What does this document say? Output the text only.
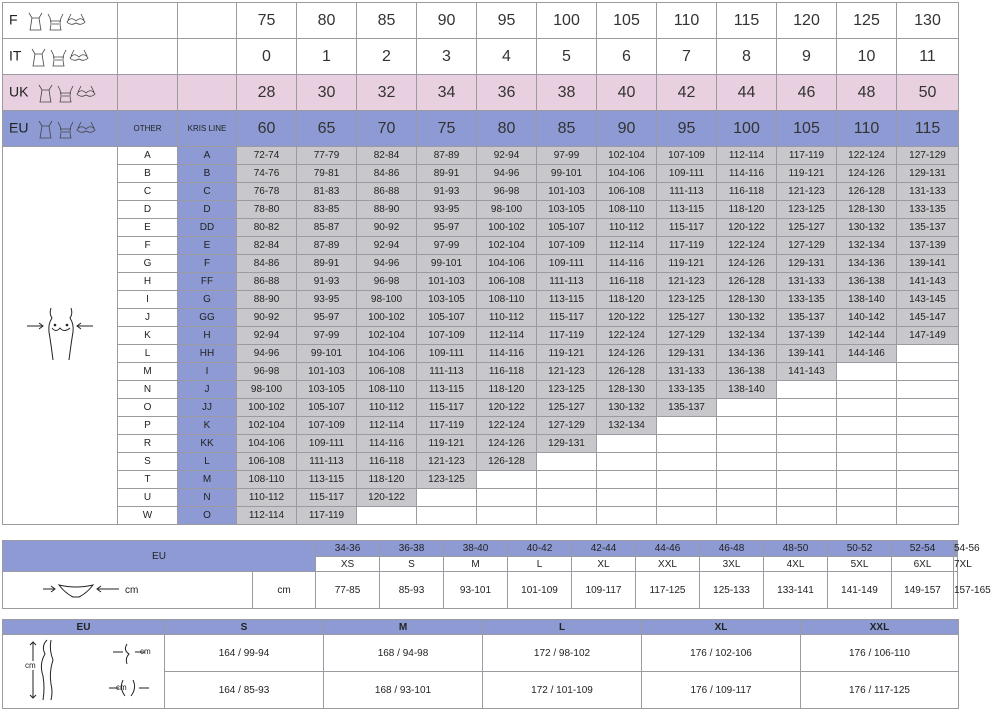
F			75	80	85	90	95	100	105	110	115	120	125	130
IT			0	1	2	3	4	5	6	7	8	9	10	11
UK			28	30	32	34	36	38	40	42	44	46	48	50
EU	OTHER	KRIS LINE	60	65	70	75	80	85	90	95	100	105	110	115
	A	A	72-74	77-79	82-84	87-89	92-94	97-99	102-104	107-109	112-114	117-119	122-124	127-129
	B	B	74-76	79-81	84-86	89-91	94-96	99-101	104-106	109-111	114-116	119-121	124-126	129-131
	C	C	76-78	81-83	86-88	91-93	96-98	101-103	106-108	111-113	116-118	121-123	126-128	131-133
	D	D	78-80	83-85	88-90	93-95	98-100	103-105	108-110	113-115	118-120	123-125	128-130	133-135
	E	DD	80-82	85-87	90-92	95-97	100-102	105-107	110-112	115-117	120-122	125-127	130-132	135-137
	F	E	82-84	87-89	92-94	97-99	102-104	107-109	112-114	117-119	122-124	127-129	132-134	137-139
	G	F	84-86	89-91	94-96	99-101	104-106	109-111	114-116	119-121	124-126	129-131	134-136	139-141
	H	FF	86-88	91-93	96-98	101-103	106-108	111-113	116-118	121-123	126-128	131-133	136-138	141-143
	I	G	88-90	93-95	98-100	103-105	108-110	113-115	118-120	123-125	128-130	133-135	138-140	143-145
	J	GG	90-92	95-97	100-102	105-107	110-112	115-117	120-122	125-127	130-132	135-137	140-142	145-147
	K	H	92-94	97-99	102-104	107-109	112-114	117-119	122-124	127-129	132-134	137-139	142-144	147-149
	L	HH	94-96	99-101	104-106	109-111	114-116	119-121	124-126	129-131	134-136	139-141	144-146	
	M	I	96-98	101-103	106-108	111-113	116-118	121-123	126-128	131-133	136-138	141-143		
	N	J	98-100	103-105	108-110	113-115	118-120	123-125	128-130	133-135	138-140			
	O	JJ	100-102	105-107	110-112	115-117	120-122	125-127	130-132	135-137				
	P	K	102-104	107-109	112-114	117-119	122-124	127-129	132-134					
	R	KK	104-106	109-111	114-116	119-121	124-126	129-131						
	S	L	106-108	111-113	116-118	121-123	126-128							
	T	M	108-110	113-115	118-120	123-125								
	U	N	110-112	115-117	120-122									
	W	O	112-114	117-119										
EU		34-36	36-38	38-40	40-42	42-44	44-46	46-48	48-50	50-52	52-54	54-56
		XS	S	M	L	XL	XXL	3XL	4XL	5XL	6XL	7XL
cm	cm	77-85	85-93	93-101	101-109	109-117	117-125	125-133	133-141	141-149	149-157	157-165
EU	S	M	L	XL	XXL

cm
cm
cm	164 / 99-94	168 / 94-98	172 / 98-102	176 / 102-106	176 / 106-110
	164 / 85-93	168 / 93-101	172 / 101-109	176 / 109-117	176 / 117-125
